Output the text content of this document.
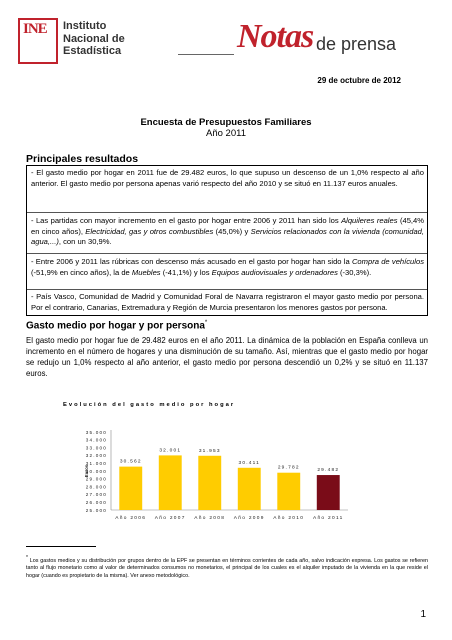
INE Instituto
Nacional de
Estadística	Notas de prensa
29 de octubre de 2012
Encuesta de Presupuestos Familiares
Año 2011
Principales resultados
- El gasto medio por hogar en 2011 fue de 29.482 euros, lo que supuso un descenso de un 1,0% respecto al año anterior. El gasto medio por persona apenas varió respecto del año 2010 y se situó en 11.137 euros anuales.
- Las partidas con mayor incremento en el gasto por hogar entre 2006 y 2011 han sido los Alquileres reales (45,4% en cinco años), Electricidad, gas y otros combustibles (45,0%) y Servicios relacionados con la vivienda (comunidad, agua,...), con un 30,9%.
- Entre 2006 y 2011 las rúbricas con descenso más acusado en el gasto por hogar han sido la Compra de vehículos (-51,9% en cinco años), la de Muebles (-41,1%) y los Equipos audiovisuales y ordenadores (-30,3%).
- País Vasco, Comunidad de Madrid y Comunidad Foral de Navarra registraron el mayor gasto medio por persona. Por el contrario, Canarias, Extremadura y Región de Murcia presentaron los menores gastos por persona.
Gasto medio por hogar y por persona*
El gasto medio por hogar fue de 29.482 euros en el año 2011. La dinámica de la población en España conlleva un incremento en el número de hogares y una disminución de su tamaño. Así, mientras que el gasto medio por hogar se redujo un 1,0% respecto al año anterior, el gasto medio por persona descendió un 0,2% y se situó en 11.137 euros.
Evolución del gasto medio por hogar
25.000
26.000
27.000
28.000
29.000
30.000
31.000
32.000
33.000
34.000
35.000
Euros
30.562
Año 2006
32.001
Año 2007
31.953
Año 2008
30.411
Año 2009
29.782
Año 2010
29.482
Año 2011
* Los gastos medios y su distribución por grupos dentro de la EPF se presentan en términos corrientes de cada año, salvo indicación expresa. Los gastos se refieren tanto al flujo monetario como al valor de determinados consumos no monetarios, el principal de los cuales es el alquiler imputado de la vivienda en la que reside el hogar (cuando es propietario de la misma). Ver anexo metodológico.
1
